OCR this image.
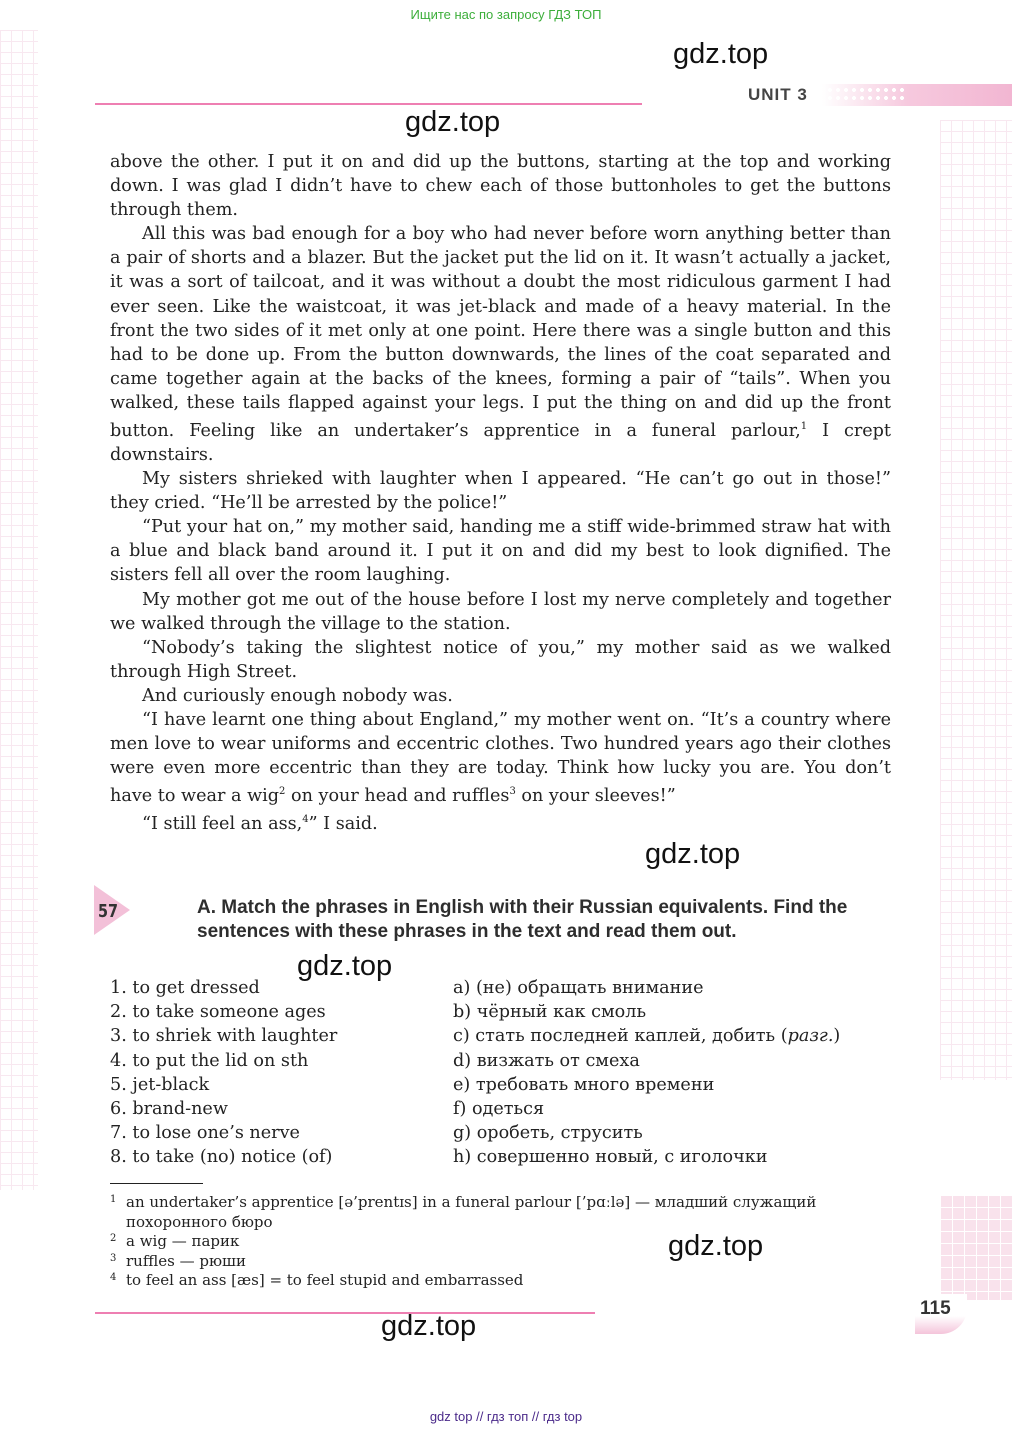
Ищите нас по запросу ГДЗ ТОП
gdz.top
UNIT 3
gdz.top

above the other. I put it on and did up the buttons, starting at the top and working down. I was glad I didn’t have to chew each of those buttonholes to get the buttons through them.

All this was bad enough for a boy who had never before worn anything better than a pair of shorts and a blazer. But the jacket put the lid on it. It wasn’t actually a jacket, it was a sort of tailcoat, and it was without a doubt the most ridiculous garment I had ever seen. Like the waistcoat, it was jet-black and made of a heavy material. In the front the two sides of it met only at one point. Here there was a single button and this had to be done up. From the button downwards, the lines of the coat separated and came together again at the backs of the knees, forming a pair of “tails”. When you walked, these tails flapped against your legs. I put the thing on and did up the front button. Feeling like an undertaker’s apprentice in a funeral parlour,$^1$ I crept downstairs.

My sisters shrieked with laughter when I appeared. “He can’t go out in those!” they cried. “He’ll be arrested by the police!”

“Put your hat on,” my mother said, handing me a stiff wide-brimmed straw hat with a blue and black band around it. I put it on and did my best to look dignified. The sisters fell all over the room laughing.

My mother got me out of the house before I lost my nerve completely and together we walked through the village to the station.

“Nobody’s taking the slightest notice of you,” my mother said as we walked through High Street.

And curiously enough nobody was.

“I have learnt one thing about England,” my mother went on. “It’s a country where men love to wear uniforms and eccentric clothes. Two hundred years ago their clothes were even more eccentric than they are today. Think how lucky you are. You don’t have to wear a wig$^2$ on your head and ruffles$^3$ on your sleeves!”

“I still feel an ass,$^4$” I said.

gdz.top
57	A. Match the phrases in English with their Russian equivalents. Find the sentences with these phrases in the text and read them out.
gdz.top
1. to get dressed
2. to take someone ages
3. to shriek with laughter
4. to put the lid on sth
5. jet-black
6. brand-new
7. to lose one’s nerve
8. to take (no) notice (of)
a) (не) обращать внимание
b) чёрный как смоль
c) стать последней каплей, добить (разг.)
d) визжать от смеха
e) требовать много времени
f) одеться
g) оробеть, струсить
h) совершенно новый, с иголочки
1 an undertaker’s apprentice [ə’prentɪs] in a funeral parlour [’pɑːlə] — младший служащий похоронного бюро
2 a wig — парик
3 ruffles — рюши
4 to feel an ass [æs] = to feel stupid and embarrassed
gdz.top
115
gdz.top
gdz top // гдз топ // гдз top
